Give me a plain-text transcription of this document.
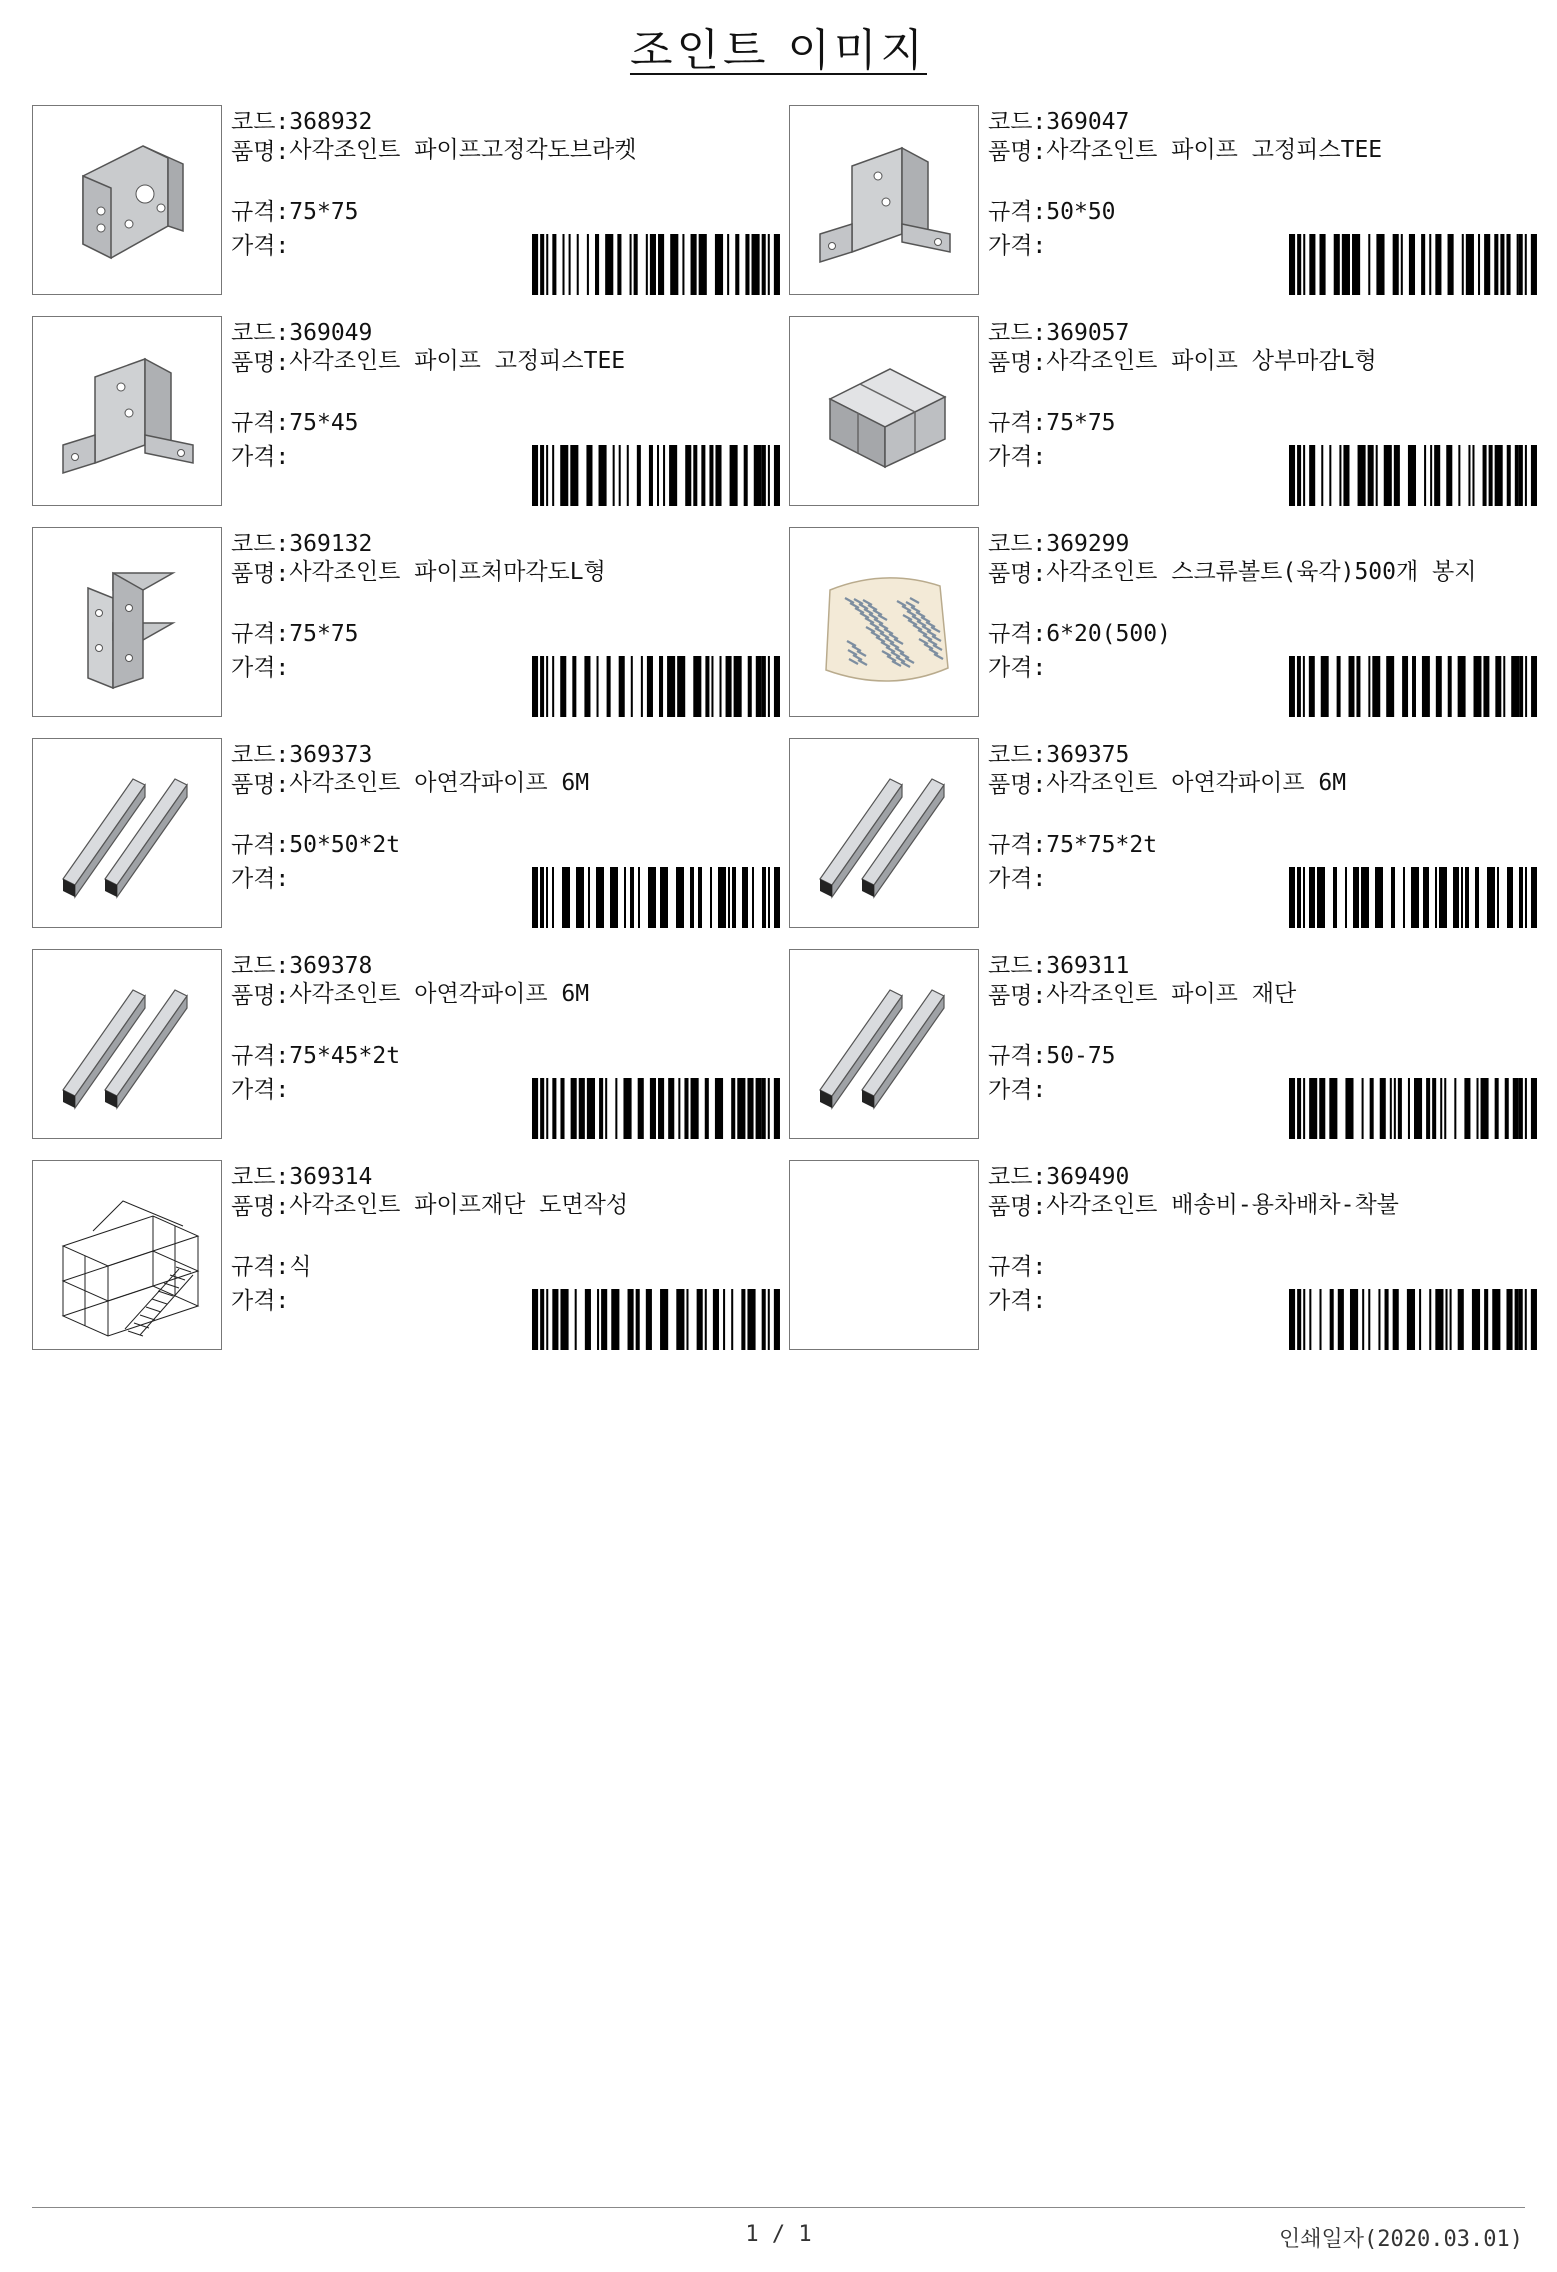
조인트 이미지
코드:368932
품명:사각조인트 파이프고정각도브라켓
규격:75*75
가격:
코드:369047
품명:사각조인트 파이프 고정피스TEE
규격:50*50
가격:
코드:369049
품명:사각조인트 파이프 고정피스TEE
규격:75*45
가격:
코드:369057
품명:사각조인트 파이프 상부마감L형
규격:75*75
가격:
코드:369132
품명:사각조인트 파이프처마각도L형
규격:75*75
가격:
코드:369299
품명:사각조인트 스크류볼트(육각)500개 봉지
규격:6*20(500)
가격:
코드:369373
품명:사각조인트 아연각파이프 6M
규격:50*50*2t
가격:
코드:369375
품명:사각조인트 아연각파이프 6M
규격:75*75*2t
가격:
코드:369378
품명:사각조인트 아연각파이프 6M
규격:75*45*2t
가격:
코드:369311
품명:사각조인트 파이프 재단
규격:50-75
가격:
코드:369314
품명:사각조인트 파이프재단 도면작성
규격:식
가격:
코드:369490
품명:사각조인트 배송비-용차배차-착불
규격:
가격:
1 / 1	인쇄일자(2020.03.01)
